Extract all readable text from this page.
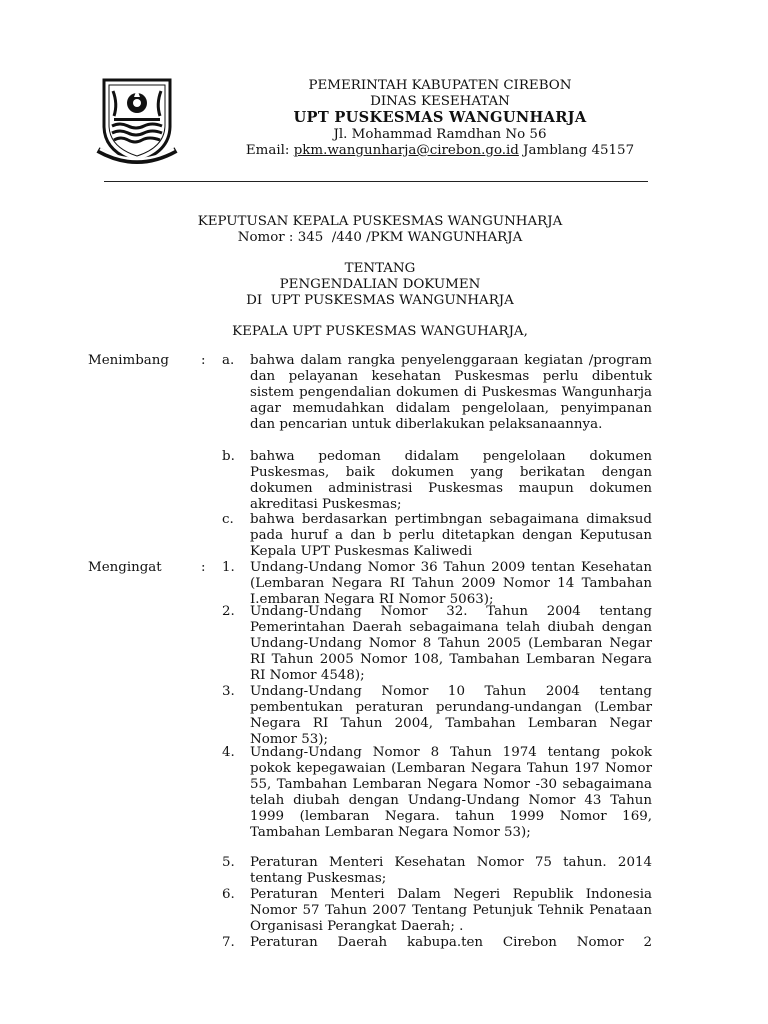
PEMERINTAH KABUPATEN CIREBON
DINAS KESEHATAN
UPT PUSKESMAS WANGUNHARJA
Jl. Mohammad Ramdhan No 56
Email: pkm.wangunharja@cirebon.go.id Jamblang 45157
KEPUTUSAN KEPALA PUSKESMAS WANGUNHARJA
Nomor : 345  /440 /PKM WANGUNHARJA
TENTANG
PENGENDALIAN DOKUMEN
DI  UPT PUSKESMAS WANGUNHARJA
KEPALA UPT PUSKESMAS WANGUHARJA,
Menimbang : a.	bahwa dalam rangka penyelenggaraan kegiatan /program dan pelayanan kesehatan Puskesmas perlu dibentuk sistem pengendalian dokumen di Puskesmas Wangunharja agar memudahkan didalam pengelolaan, penyimpanan dan pencarian untuk diberlakukan pelaksanaannya.
b.	bahwa pedoman didalam pengelolaan dokumen Puskesmas, baik dokumen yang berikatan dengan dokumen administrasi Puskesmas maupun dokumen akreditasi Puskesmas;
c.	bahwa berdasarkan pertimbngan sebagaimana dimaksud pada huruf a dan b perlu ditetapkan dengan Keputusan Kepala UPT Puskesmas Kaliwedi
Mengingat	: 1.	Undang-Undang Nomor 36 Tahun 2009 tentan Kesehatan (Lembaran Negara RI Tahun 2009 Nomor 14 Tambahan I.embaran Negara RI Nomor 5063);
2.	Undang-Undang Nomor 32. Tahun 2004 tentang Pemerintahan Daerah sebagaimana telah diubah dengan Undang-Undang Nomor 8 Tahun 2005 (Lembaran Negar RI Tahun 2005 Nomor 108, Tambahan Lembaran Negara RI Nomor 4548);
3.	Undang-Undang Nomor 10 Tahun 2004 tentang pembentukan peraturan perundang-undangan (Lembar Negara RI Tahun 2004, Tambahan Lembaran Negar Nomor 53);
4.	Undang-Undang Nomor 8 Tahun 1974 tentang pokok pokok kepegawaian (Lembaran Negara Tahun 197 Nomor 55, Tambahan Lembaran Negara Nomor -30 sebagaimana telah diubah dengan Undang-Undang Nomor 43 Tahun 1999 (lembaran Negara. tahun 1999 Nomor 169, Tambahan Lembaran Negara Nomor 53);
5.	Peraturan Menteri Kesehatan Nomor 75 tahun. 2014 tentang Puskesmas;
6.	Peraturan Menteri Dalam Negeri Republik Indonesia Nomor 57 Tahun 2007 Tentang Petunjuk Tehnik Penataan Organisasi Perangkat Daerah; .
7.	Peraturan Daerah kabupa.ten Cirebon Nomor 2
